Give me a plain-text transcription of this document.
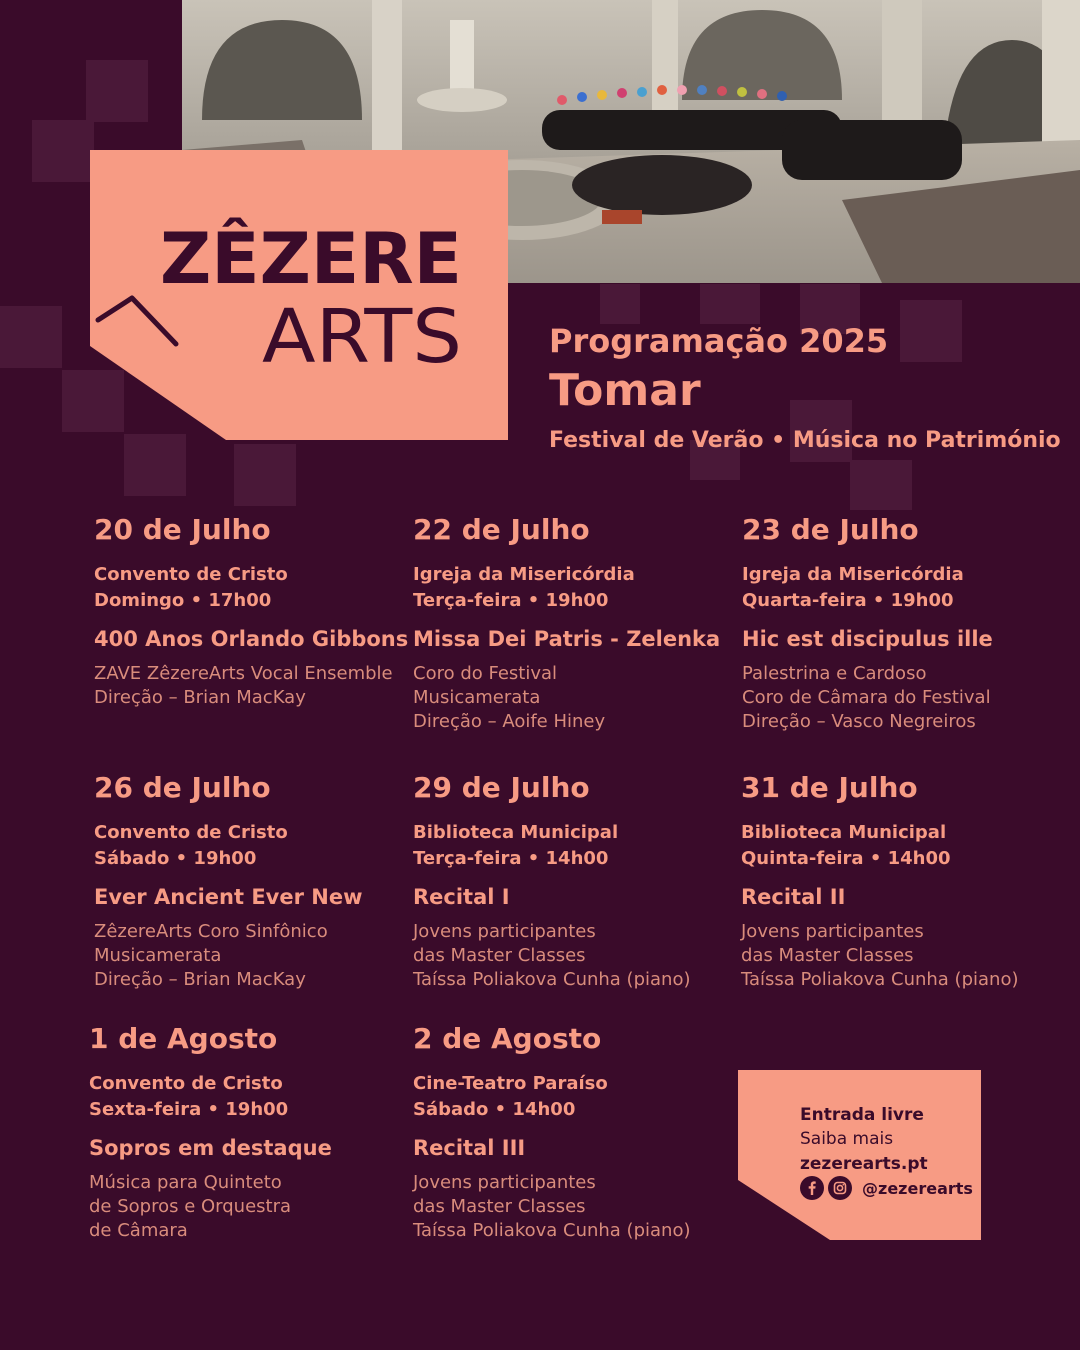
ZÊZERE
ARTS	Programação 2025
Tomar
Festival de Verão • Música no Património
20 de Julho
Convento de Cristo
Domingo • 17h00
400 Anos Orlando Gibbons
ZAVE ZêzereArts Vocal Ensemble
Direção – Brian MacKay
22 de Julho
Igreja da Misericórdia
Terça-feira • 19h00
Missa Dei Patris - Zelenka
Coro do Festival
Musicamerata
Direção – Aoife Hiney
23 de Julho
Igreja da Misericórdia
Quarta-feira • 19h00
Hic est discipulus ille
Palestrina e Cardoso
Coro de Câmara do Festival
Direção – Vasco Negreiros
26 de Julho
Convento de Cristo
Sábado • 19h00
Ever Ancient Ever New
ZêzereArts Coro Sinfônico
Musicamerata
Direção – Brian MacKay
29 de Julho
Biblioteca Municipal
Terça-feira • 14h00
Recital I
Jovens participantes
das Master Classes
Taíssa Poliakova Cunha (piano)
31 de Julho
Biblioteca Municipal
Quinta-feira • 14h00
Recital II
Jovens participantes
das Master Classes
Taíssa Poliakova Cunha (piano)
1 de Agosto
Convento de Cristo
Sexta-feira • 19h00
Sopros em destaque
Música para Quinteto
de Sopros e Orquestra
de Câmara
2 de Agosto
Cine-Teatro Paraíso
Sábado • 14h00
Recital III
Jovens participantes
das Master Classes
Taíssa Poliakova Cunha (piano)
Entrada livre
Saiba mais
zezerearts.pt
@zezerearts
